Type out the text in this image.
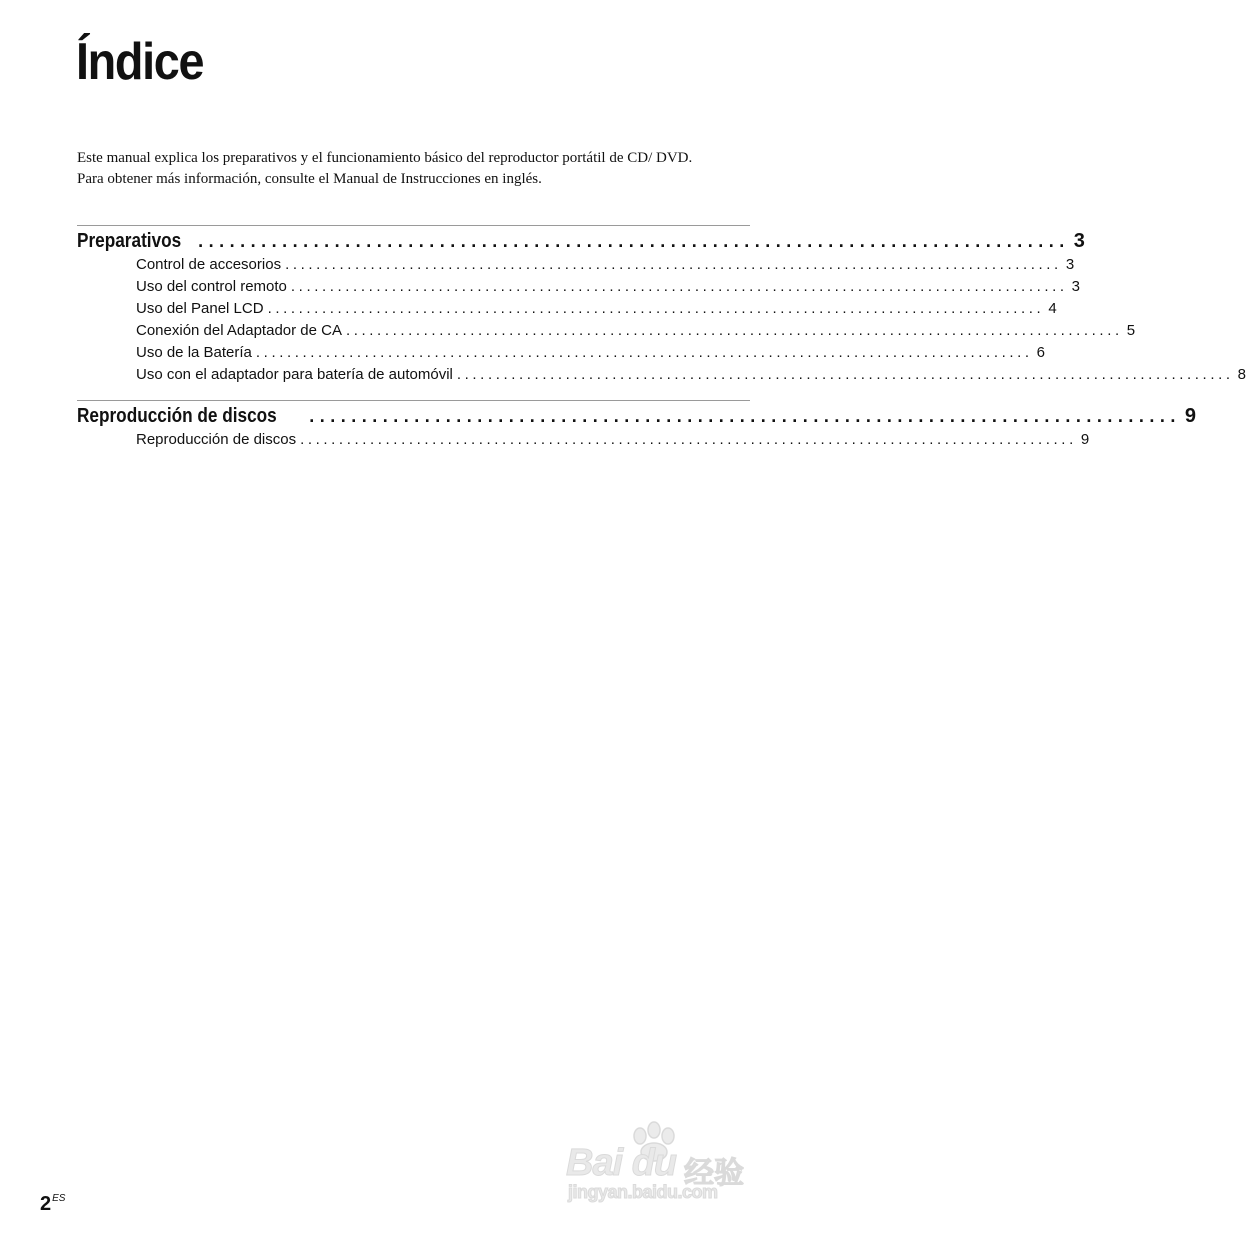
Índice

Este manual explica los preparativos y el funcionamiento básico del reproductor portátil de CD/ DVD.

Para obtener más información, consulte el Manual de Instrucciones en inglés.

Preparativos ................................................................................... 3
Control de accesorios .................................................................................................... 3
Uso del control remoto .................................................................................................... 3
Uso del Panel LCD .................................................................................................... 4
Conexión del Adaptador de CA .................................................................................................... 5
Uso de la Batería .................................................................................................... 6
Uso con el adaptador para batería de automóvil .................................................................................................... 8
Reproducción de discos ................................................................................... 9
Reproducción de discos .................................................................................................... 9
Bai du 经验
jingyan.baidu.com
$2^{ES}$
